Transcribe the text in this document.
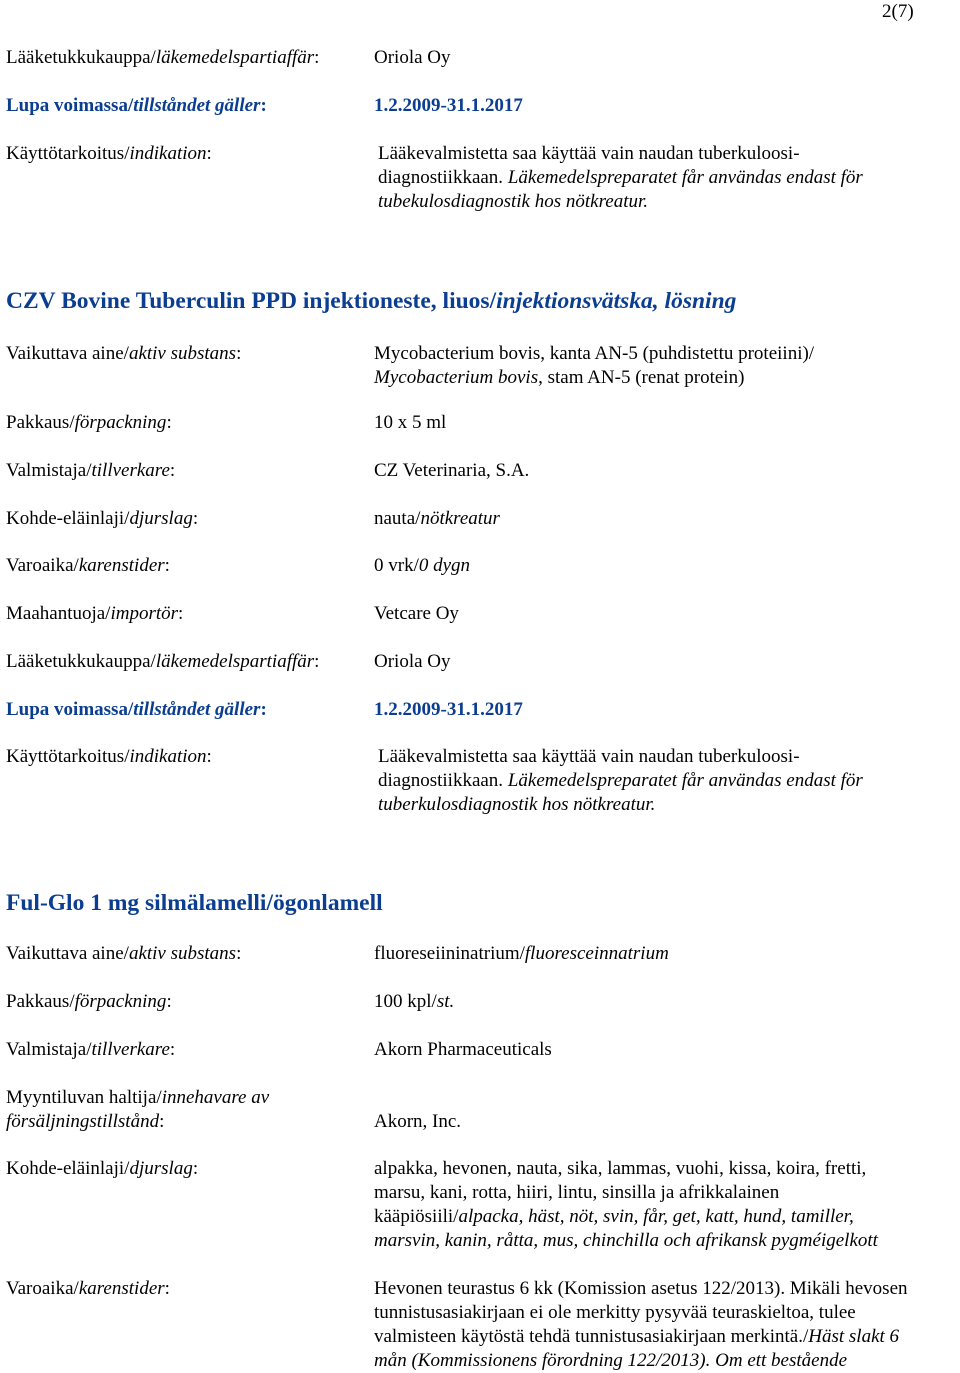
2(7)
Lääketukkukauppa/läkemedelspartiaffär:	Oriola Oy
Lupa voimassa/tillståndet gäller:	1.2.2009-31.1.2017
Käyttötarkoitus/indikation:	Lääkevalmistetta saa käyttää vain naudan tuberkuloosi-
diagnostiikkaan. Läkemedelspreparatet får användas endast för
tubekulosdiagnostik hos nötkreatur.
CZV Bovine Tuberculin PPD injektioneste, liuos/injektionsvätska, lösning
Vaikuttava aine/aktiv substans:	Mycobacterium bovis, kanta AN-5 (puhdistettu proteiini)/
Mycobacterium bovis, stam AN-5 (renat protein)
Pakkaus/förpackning:	10 x 5 ml
Valmistaja/tillverkare:	CZ Veterinaria, S.A.
Kohde-eläinlaji/djurslag:	nauta/nötkreatur
Varoaika/karenstider:	0 vrk/0 dygn
Maahantuoja/importör:	Vetcare Oy
Lääketukkukauppa/läkemedelspartiaffär:	Oriola Oy
Lupa voimassa/tillståndet gäller:	1.2.2009-31.1.2017
Käyttötarkoitus/indikation:	Lääkevalmistetta saa käyttää vain naudan tuberkuloosi-
diagnostiikkaan. Läkemedelspreparatet får användas endast för
tuberkulosdiagnostik hos nötkreatur.
Ful-Glo 1 mg silmälamelli/ögonlamell
Vaikuttava aine/aktiv substans:	fluoreseiininatrium/fluoresceinnatrium
Pakkaus/förpackning:	100 kpl/st.
Valmistaja/tillverkare:	Akorn Pharmaceuticals
Myyntiluvan haltija/innehavare av
försäljningstillstånd:	Akorn, Inc.
Kohde-eläinlaji/djurslag:	alpakka, hevonen, nauta, sika, lammas, vuohi, kissa, koira, fretti,
marsu, kani, rotta, hiiri, lintu, sinsilla ja afrikkalainen
kääpiösiili/alpacka, häst, nöt, svin, får, get, katt, hund, tamiller,
marsvin, kanin, råtta, mus, chinchilla och afrikansk pygméigelkott
Varoaika/karenstider:	Hevonen teurastus 6 kk (Komission asetus 122/2013). Mikäli hevosen
tunnistusasiakirjaan ei ole merkitty pysyvää teuraskieltoa, tulee
valmisteen käytöstä tehdä tunnistusasiakirjaan merkintä./Häst slakt 6
mån (Kommissionens förordning 122/2013). Om ett bestående
